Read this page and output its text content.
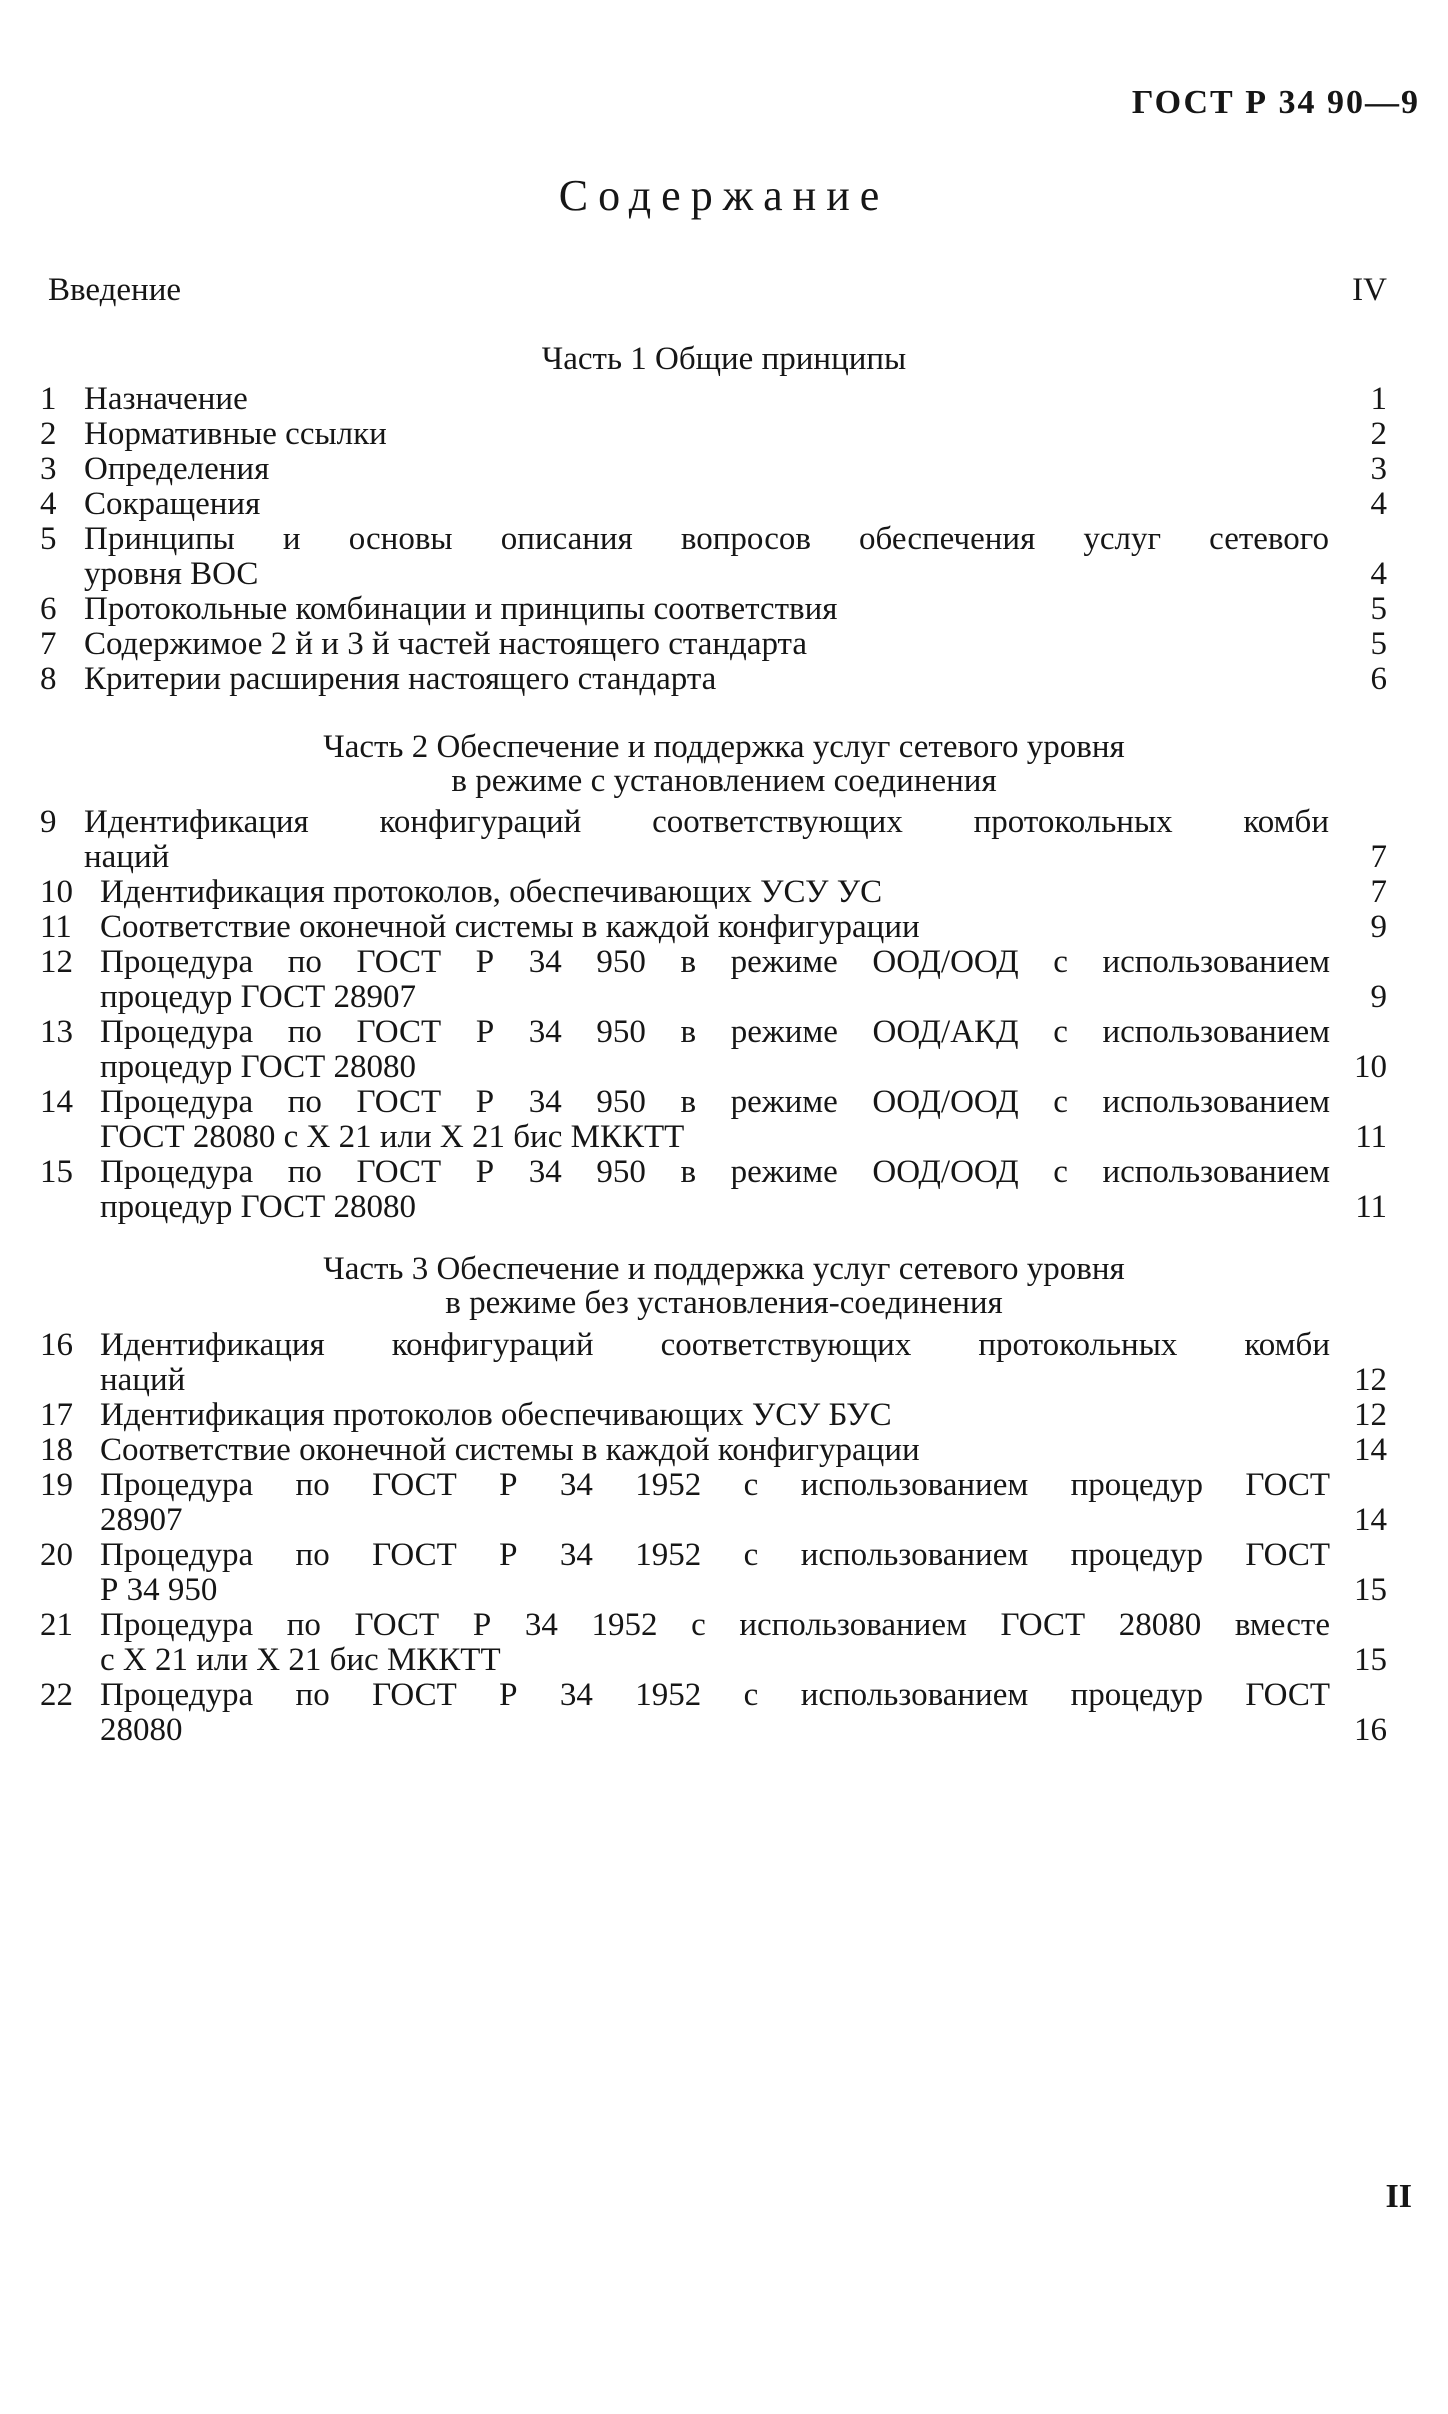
ГОСТ Р 34 90—9
Содержание
Введение	IV
Часть 1 Общие принципы
1 Назначение	1
2 Нормативные ссылки	2
3 Определения	3
4 Сокращения	4
5 Принципы и основы описания вопросов обеспечения услуг сетевого
уровня ВОС	4
6 Протокольные комбинации и принципы соответствия	5
7 Содержимое 2 й и 3 й частей настоящего стандарта	5
8 Критерии расширения настоящего стандарта	6
Часть 2 Обеспечение и поддержка услуг сетевого уровня
в режиме с установлением соединения
9 Идентификация конфигураций соответствующих протокольных комби
наций	7
10 Идентификация протоколов, обеспечивающих УСУ УС	7
11 Соответствие оконечной системы в каждой конфигурации	9
12 Процедура по ГОСТ Р 34 950 в режиме ООД/ООД с использованием
процедур ГОСТ 28907	9
13 Процедура по ГОСТ Р 34 950 в режиме ООД/АКД с использованием
процедур ГОСТ 28080	10
14 Процедура по ГОСТ Р 34 950 в режиме ООД/ООД с использованием
ГОСТ 28080 с Х 21 или Х 21 бис МККТТ	11
15 Процедура по ГОСТ Р 34 950 в режиме ООД/ООД с использованием
процедур ГОСТ 28080	11
Часть 3 Обеспечение и поддержка услуг сетевого уровня
в режиме без установления-соединения
16 Идентификация конфигураций соответствующих протокольных комби
наций	12
17 Идентификация протоколов обеспечивающих УСУ БУС	12
18 Соответствие оконечной системы в каждой конфигурации	14
19 Процедура по ГОСТ Р 34 1952 с использованием процедур ГОСТ
28907	14
20 Процедура по ГОСТ Р 34 1952 с использованием процедур ГОСТ
Р 34 950	15
21 Процедура по ГОСТ Р 34 1952 с использованием ГОСТ 28080 вместе
с Х 21 или Х 21 бис МККТТ	15
22 Процедура по ГОСТ Р 34 1952 с использованием процедур ГОСТ
28080	16
II
